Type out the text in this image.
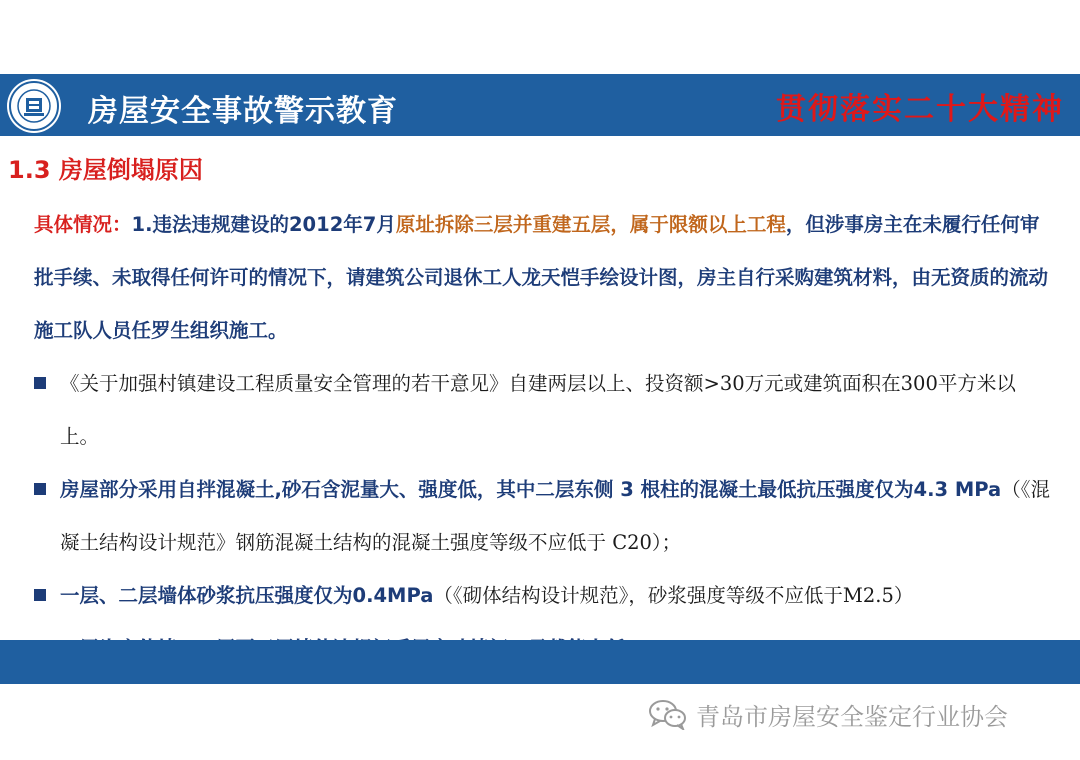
房屋安全事故警示教育	贯彻落实二十大精神
1.3 房屋倒塌原因

具体情况：1.违法违规建设的2012年7月原址拆除三层并重建五层，属于限额以上工程，但涉事房主在未履行任何审批手续、未取得任何许可的情况下，请建筑公司退休工人龙天恺手绘设计图，房主自行采购建筑材料，由无资质的流动施工队人员任罗生组织施工。

《关于加强村镇建设工程质量安全管理的若干意见》自建两层以上、投资额>30万元或建筑面积在300平方米以上。

房屋部分采用自拌混凝土,砂石含泥量大、强度低，其中二层东侧 3 根柱的混凝土最低抗压强度仅为4.3 MPa（《混凝土结构设计规范》钢筋混凝土结构的混凝土强度等级不应低于 C20）；

一层、二层墙体砂浆抗压强度仅为0.4MPa（《砌体结构设计规范》，砂浆强度等级不应低于M2.5）

青岛市房屋安全鉴定行业协会
